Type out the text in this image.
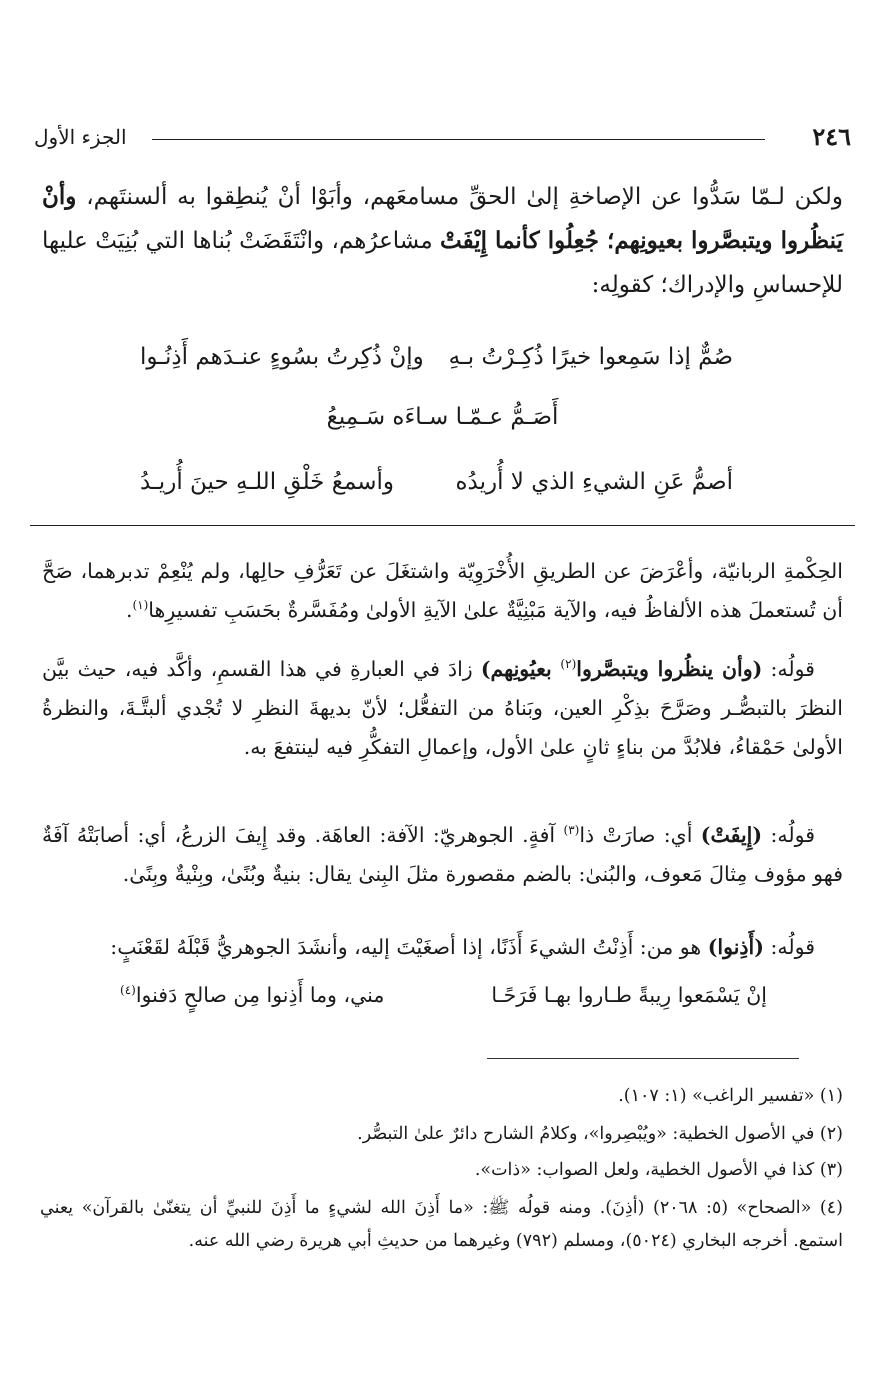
٢٤٦
الجزء الأول
ولكن لـمّا سَدُّوا عن الإصاخةِ إلىٰ الحقِّ مسامعَهم، وأبَوْا أنْ يُنطِقوا به ألسنتَهم، وأنْ يَنظُروا ويتبصَّروا بعيونِهم؛ جُعِلُوا كأنما إِيْفَتْ مشاعرُهم، وانْتَقَضَتْ بُناها التي بُنِيَتْ عليها للإحساسِ والإدراك؛ كقولِه:
صُمٌّ إذا سَمِعوا خيرًا ذُكِـرْتُ بـهِ
وإنْ ذُكِرتُ بسُوءٍ عنـدَهم أَذِنُـوا
أَصَـمُّ عـمّـا سـاءَه سَـمِيعُ
أصمُّ عَنِ الشيءِ الذي لا أُريدُه
وأسمعُ خَلْقِ اللـهِ حينَ أُريـدُ
الحِكْمةِ الربانيّة، وأعْرَضَ عن الطريقِ الأُخْرَوِيّة واشتغَلَ عن تَعَرُّفِ حالِها، ولم يُنْعِمْ تدبرهما، صَحَّ أن تُستعملَ هذه الألفاظُ فيه، والآية مَبْنِيَّةٌ علىٰ الآيةِ الأولىٰ ومُفَسَّرةٌ بحَسَبِ تفسيرِها$^{(١)}$.
قولُه: (وأن ينظُروا ويتبصَّروا$^{(٢)}$ بعيُونِهم) زادَ في العبارةِ في هذا القسمِ، وأكَّد فيه، حيث بيَّن النظرَ بالتبصُّـر وصَرَّحَ بذِكْرِ العين، وبَناهُ من التفعُّل؛ لأنّ بديهةَ النظرِ لا تُجْدي ألبتَّـةَ، والنظرةُ الأولىٰ حَمْقاءُ، فلابُدَّ من بناءٍ ثانٍ علىٰ الأول، وإعمالِ التفكُّرِ فيه لينتفعَ به.
قولُه: (إِيفَتْ) أي: صارَتْ ذا$^{(٣)}$ آفةٍ. الجوهريّ: الآفة: العاهَة. وقد إِيفَ الزرعُ، أي: أصابَتْهُ آفَةٌ فهو مؤوف مِثالَ مَعوف، والبُنىٰ: بالضم مقصورة مثلَ البِنىٰ يقال: بنيةٌ وبُنًىٰ، وبِنْيةٌ وبِنًىٰ.
قولُه: (أَذِنوا) هو من: أَذِنْتُ الشيءَ أَذَنًا، إذا أصغَيْتَ إليه، وأنشَدَ الجوهريُّ قَبْلَهُ لقَعْنَبٍ:
إنْ يَسْمَعوا رِيبةً طـاروا بهـا فَرَحًـا
مني، وما أَذِنوا مِن صالحٍ دَفنوا$^{(٤)}$
(١) «تفسير الراغب» (١: ١٠٧).
(٢) في الأصول الخطية: «ويُبْصِروا»، وكلامُ الشارح دائرٌ علىٰ التبصُّر.
(٣) كذا في الأصول الخطية، ولعل الصواب: «ذات».
(٤) «الصحاح» (٥: ٢٠٦٨) (أذِنَ). ومنه قولُه ﷺ: «ما أَذِنَ الله لشيءٍ ما أَذِنَ للنبيِّ أن يتغنّىٰ بالقرآن» يعني استمع. أخرجه البخاري (٥٠٢٤)، ومسلم (٧٩٢) وغيرهما من حديثِ أبي هريرة رضي الله عنه.
